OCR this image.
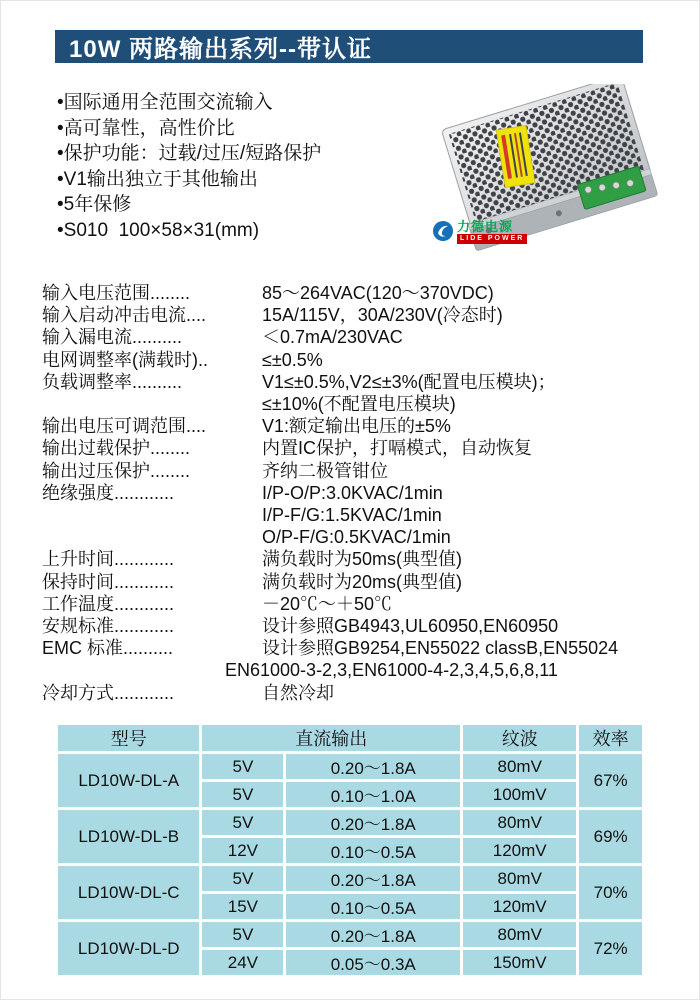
10W 两路输出系列--带认证
•国际通用全范围交流输入
•高可靠性，高性价比
•保护功能：过载/过压/短路保护
•V1输出独立于其他输出
•5年保修
•S010  100×58×31(mm)	力德电源
LIDE POWER
输入电压范围........	85～264VAC(120～370VDC)
输入启动冲击电流....	15A/115V，30A/230V(冷态时)
输入漏电流..........	＜0.7mA/230VAC
电网调整率(满载时)..	≤±0.5%
负载调整率..........	V1≤±0.5%,V2≤±3%(配置电压模块)；
≤±10%(不配置电压模块)
输出电压可调范围....	V1:额定输出电压的±5%
输出过载保护........	内置IC保护，打嗝模式，自动恢复
输出过压保护........	齐纳二极管钳位
绝缘强度............	I/P-O/P:3.0KVAC/1min
I/P-F/G:1.5KVAC/1min
O/P-F/G:0.5KVAC/1min
上升时间............	满负载时为50ms(典型值)
保持时间............	满负载时为20ms(典型值)
工作温度............	－20℃～＋50℃
安规标准............	设计参照GB4943,UL60950,EN60950
EMC 标准..........	设计参照GB9254,EN55022 classB,EN55024
EN61000-3-2,3,EN61000-4-2,3,4,5,6,8,11
冷却方式............	自然冷却
型号	直流输出		纹波	效率
LD10W-DL-A	5V	0.20～1.8A	80mV	67%
	5V	0.10～1.0A	100mV	
LD10W-DL-B	5V	0.20～1.8A	80mV	69%
	12V	0.10～0.5A	120mV	
LD10W-DL-C	5V	0.20～1.8A	80mV	70%
	15V	0.10～0.5A	120mV	
LD10W-DL-D	5V	0.20～1.8A	80mV	72%
	24V	0.05～0.3A	150mV	
